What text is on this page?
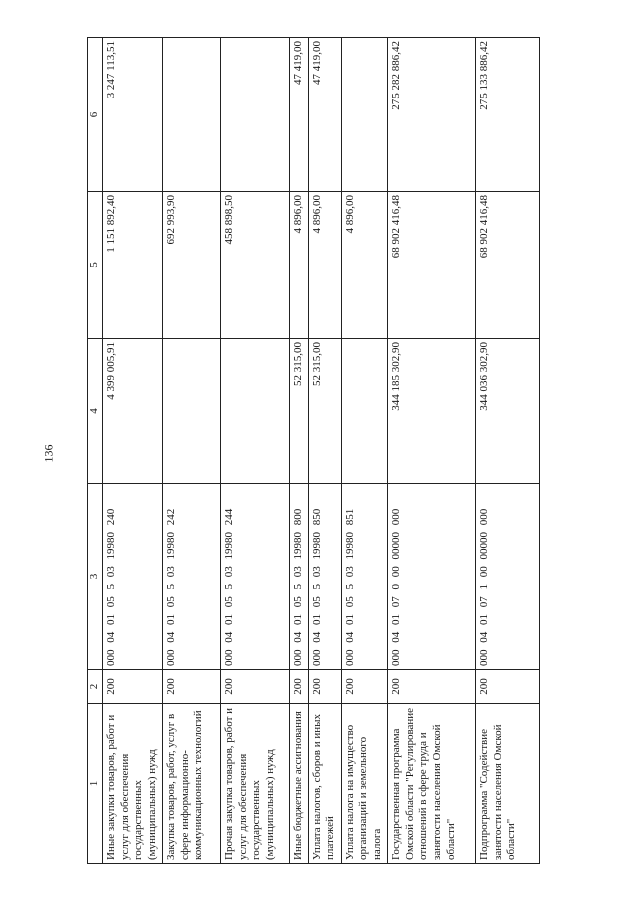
136
1	2	3	4	5	6
Иные закупки товаров, работ и услуг для обеспечения государственных (муниципальных) нужд	200	000 04 01 05 5 03 19980 240	4 399 005,91	1 151 892,40	3 247 113,51
Закупка товаров, работ, услуг в сфере информационно-коммуникационных технологий	200	000 04 01 05 5 03 19980 242		692 993,90	
Прочая закупка товаров, работ и услуг для обеспечения государственных (муниципальных) нужд	200	000 04 01 05 5 03 19980 244		458 898,50	
Иные бюджетные ассигнования	200	000 04 01 05 5 03 19980 800	52 315,00	4 896,00	47 419,00
Уплата налогов, сборов и иных платежей	200	000 04 01 05 5 03 19980 850	52 315,00	4 896,00	47 419,00
Уплата налога на имущество организаций и земельного налога	200	000 04 01 05 5 03 19980 851		4 896,00	
Государственная программа Омской области "Регулирование отношений в сфере труда и занятости населения Омской области"	200	000 04 01 07 0 00 00000 000	344 185 302,90	68 902 416,48	275 282 886,42
Подпрограмма "Содействие занятости населения Омской области"	200	000 04 01 07 1 00 00000 000	344 036 302,90	68 902 416,48	275 133 886,42
